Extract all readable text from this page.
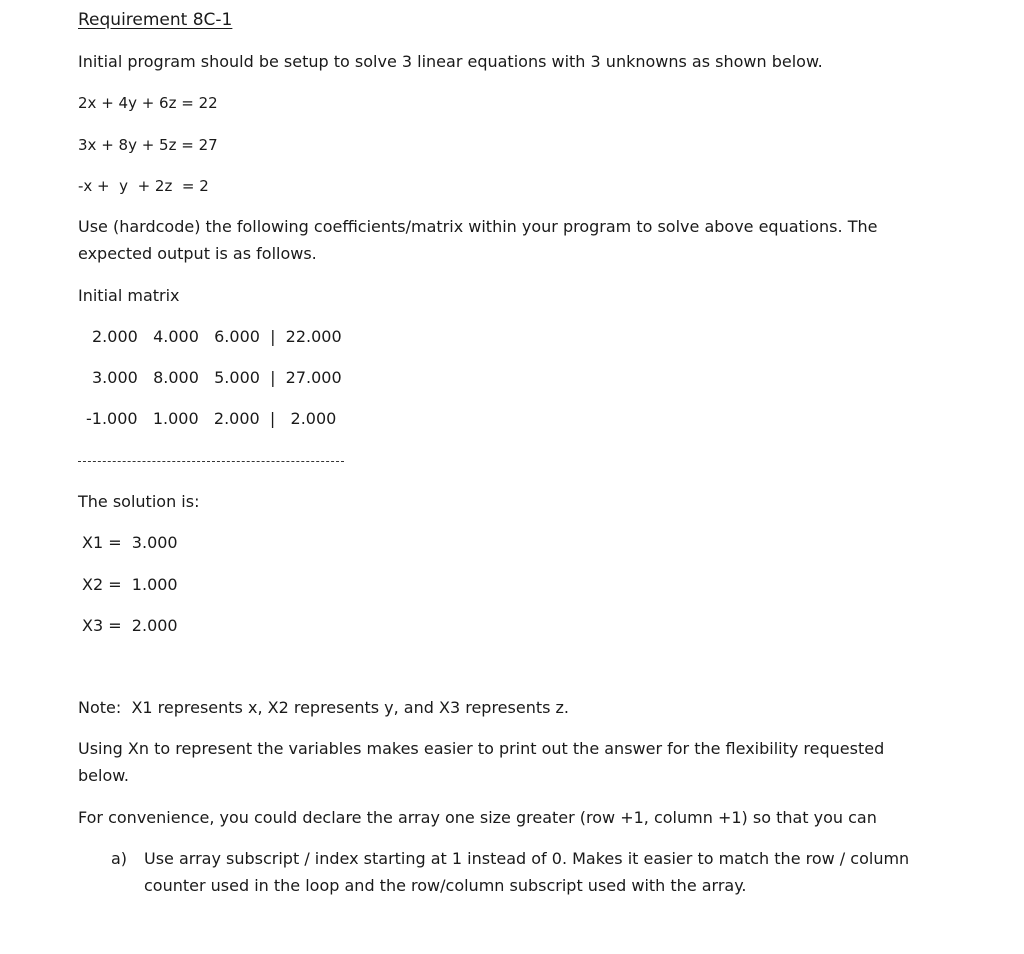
Requirement 8C-1
Initial program should be setup to solve 3 linear equations with 3 unknowns as shown below.
2x + 4y + 6z = 22
3x + 8y + 5z = 27
-x +  y  + 2z  = 2
Use (hardcode) the following coefficients/matrix within your program to solve above equations. The
expected output is as follows.
Initial matrix
2.000   4.000   6.000  |  22.000
3.000   8.000   5.000  |  27.000
-1.000   1.000   2.000  |   2.000
The solution is:
X1 =  3.000
X2 =  1.000
X3 =  2.000
Note:  X1 represents x, X2 represents y, and X3 represents z.
Using Xn to represent the variables makes easier to print out the answer for the flexibility requested
below.
For convenience, you could declare the array one size greater (row +1, column +1) so that you can
a) Use array subscript / index starting at 1 instead of 0. Makes it easier to match the row / column
counter used in the loop and the row/column subscript used with the array.
